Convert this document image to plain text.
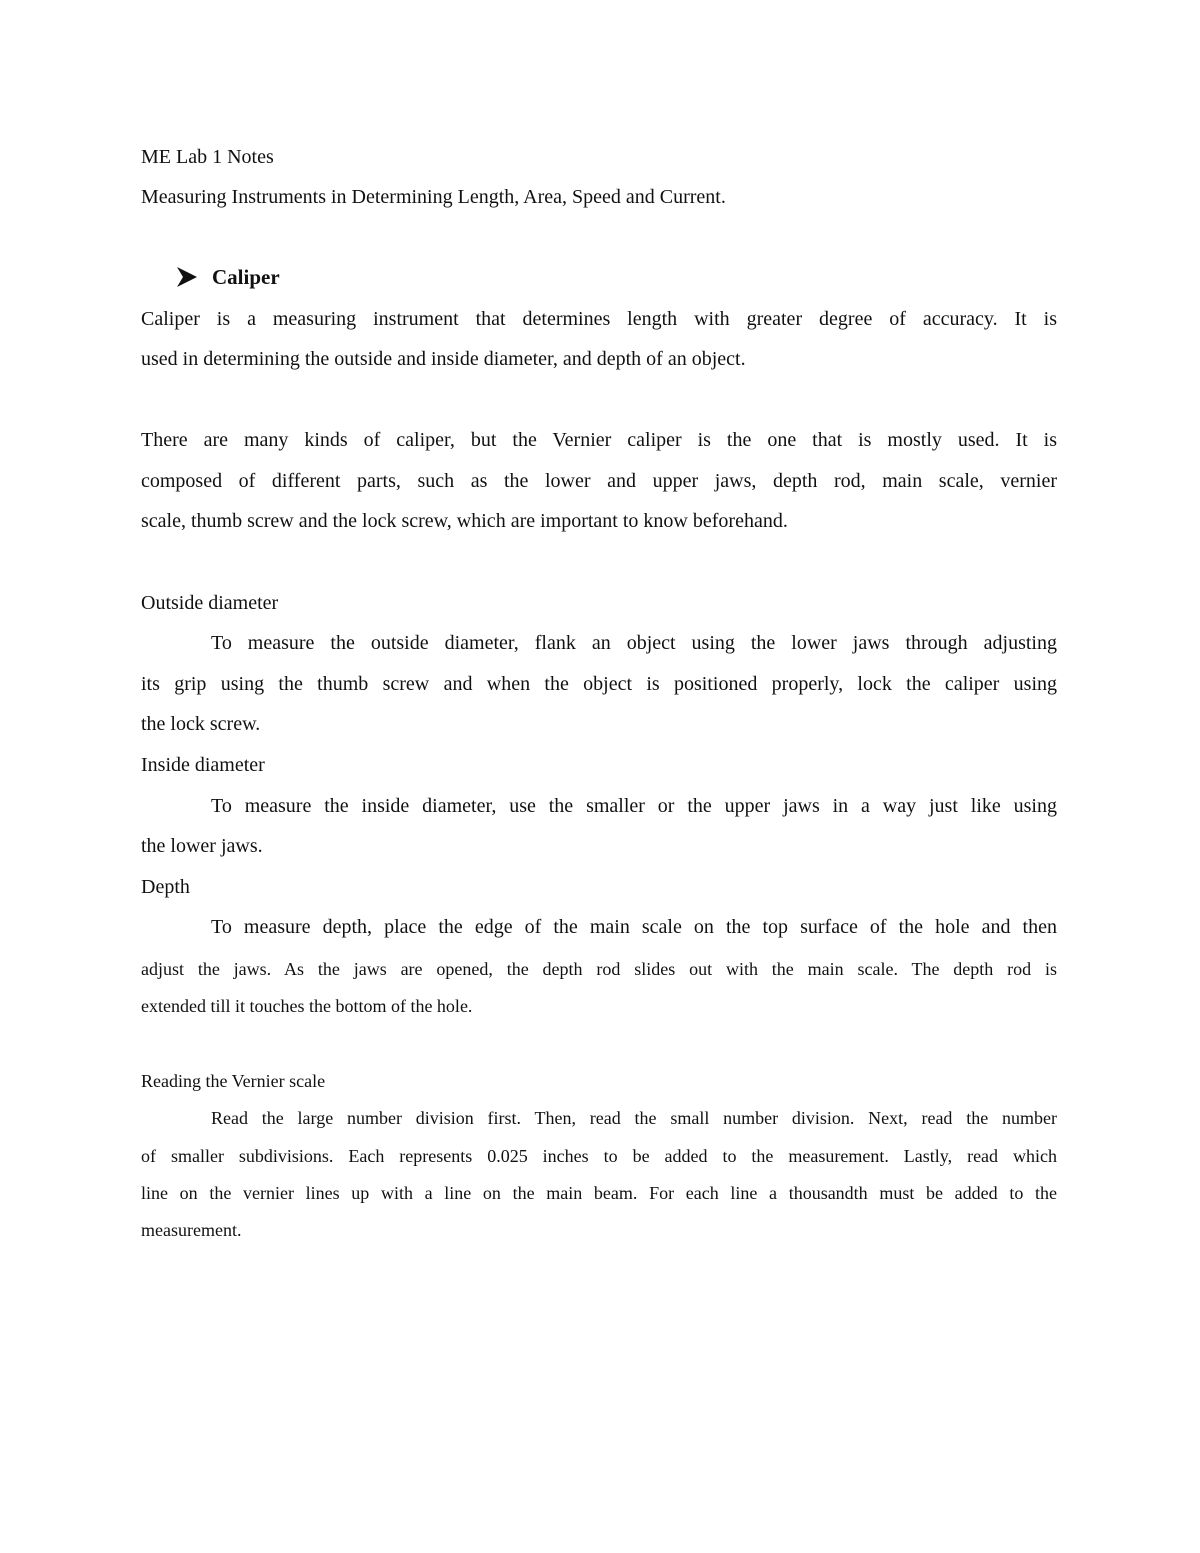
ME Lab 1 Notes
Measuring Instruments in Determining Length, Area, Speed and Current.
Caliper
Caliper is a measuring instrument that determines length with greater degree of accuracy. It is
used in determining the outside and inside diameter, and depth of an object.
There are many kinds of caliper, but the Vernier caliper is the one that is mostly used. It is
composed of different parts, such as the lower and upper jaws, depth rod, main scale, vernier
scale, thumb screw and the lock screw, which are important to know beforehand.
Outside diameter
To measure the outside diameter, flank an object using the lower jaws through adjusting
its grip using the thumb screw and when the object is positioned properly, lock the caliper using
the lock screw.
Inside diameter
To measure the inside diameter, use the smaller or the upper jaws in a way just like using
the lower jaws.
Depth
To measure depth, place the edge of the main scale on the top surface of the hole and then
adjust the jaws. As the jaws are opened, the depth rod slides out with the main scale. The depth rod is
extended till it touches the bottom of the hole.
Reading the Vernier scale
Read the large number division first. Then, read the small number division. Next, read the number
of smaller subdivisions. Each represents 0.025 inches to be added to the measurement. Lastly, read which
line on the vernier lines up with a line on the main beam. For each line a thousandth must be added to the
measurement.
